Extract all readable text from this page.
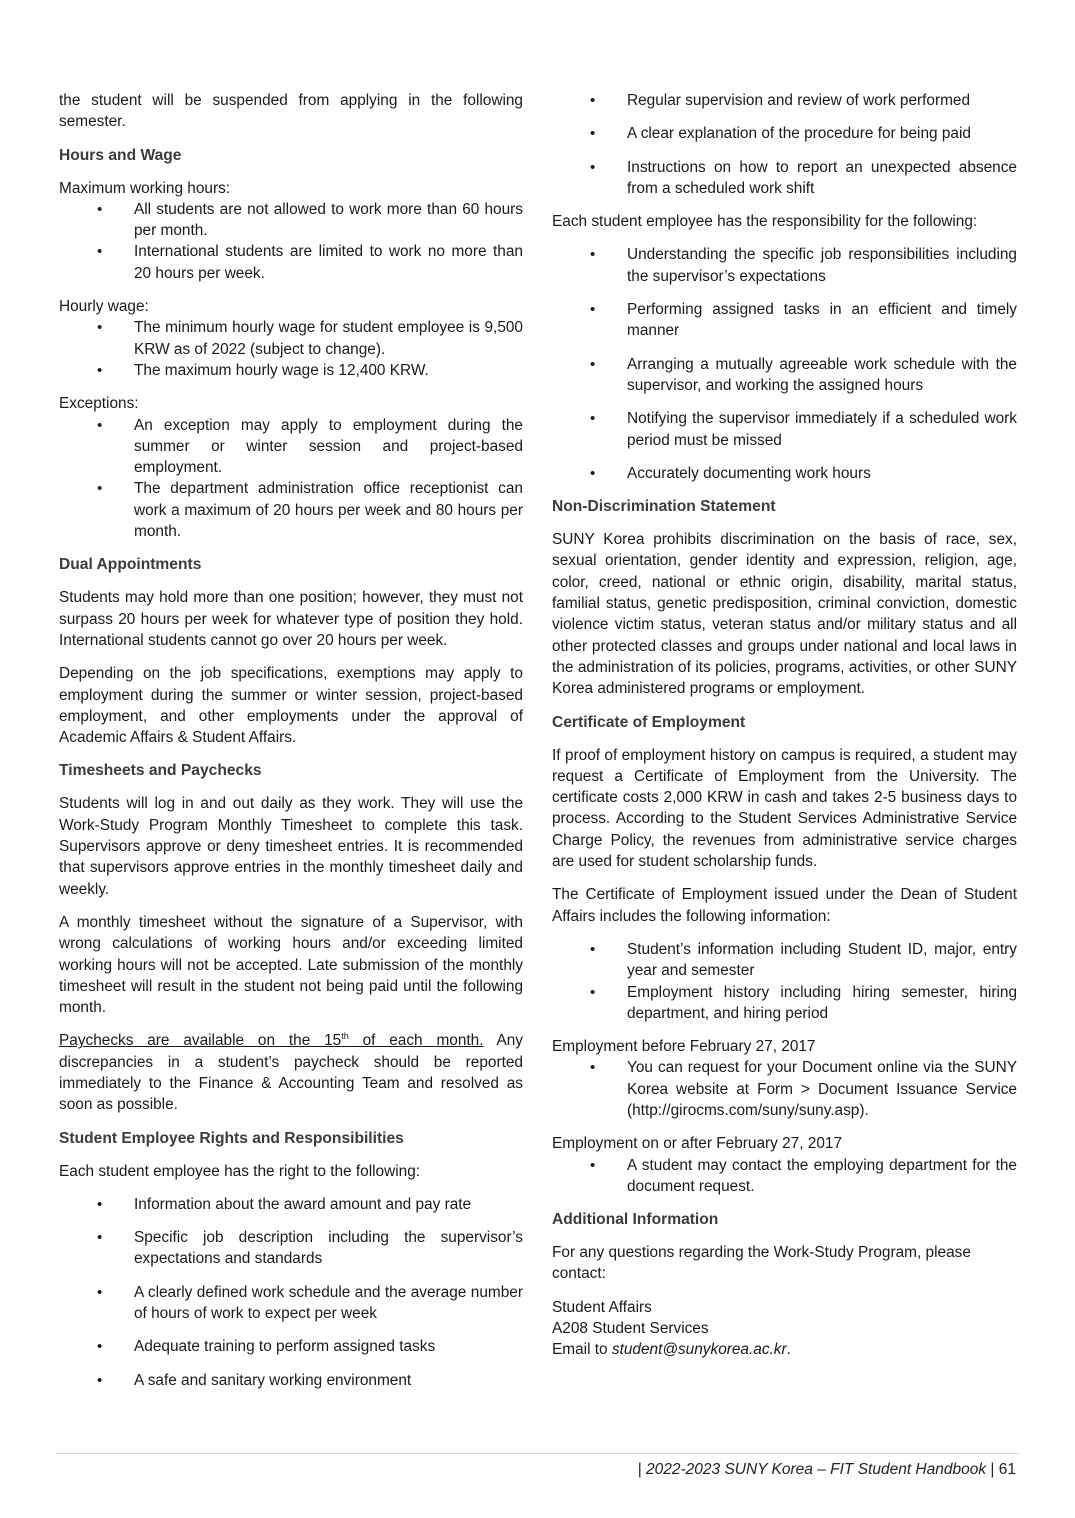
the student will be suspended from applying in the following semester.

Hours and Wage

Maximum working hours:

• All students are not allowed to work more than 60 hours per month.
• International students are limited to work no more than 20 hours per week.

Hourly wage:

• The minimum hourly wage for student employee is 9,500 KRW as of 2022 (subject to change).
• The maximum hourly wage is 12,400 KRW.

Exceptions:

• An exception may apply to employment during the summer or winter session and project-based employment.
• The department administration office receptionist can work a maximum of 20 hours per week and 80 hours per month.
Dual Appointments

Students may hold more than one position; however, they must not surpass 20 hours per week for whatever type of position they hold. International students cannot go over 20 hours per week.

Depending on the job specifications, exemptions may apply to employment during the summer or winter session, project-based employment, and other employments under the approval of Academic Affairs & Student Affairs.

Timesheets and Paychecks

Students will log in and out daily as they work. They will use the Work-Study Program Monthly Timesheet to complete this task. Supervisors approve or deny timesheet entries. It is recommended that supervisors approve entries in the monthly timesheet daily and weekly.

A monthly timesheet without the signature of a Supervisor, with wrong calculations of working hours and/or exceeding limited working hours will not be accepted. Late submission of the monthly timesheet will result in the student not being paid until the following month.

Paychecks are available on the 15th of each month. Any discrepancies in a student’s paycheck should be reported immediately to the Finance & Accounting Team and resolved as soon as possible.

Student Employee Rights and Responsibilities

Each student employee has the right to the following:

• Information about the award amount and pay rate
• Specific job description including the supervisor’s expectations and standards
• A clearly defined work schedule and the average number of hours of work to expect per week
• Adequate training to perform assigned tasks
• A safe and sanitary working environment
• Regular supervision and review of work performed
• A clear explanation of the procedure for being paid
• Instructions on how to report an unexpected absence from a scheduled work shift

Each student employee has the responsibility for the following:

• Understanding the specific job responsibilities including the supervisor’s expectations
• Performing assigned tasks in an efficient and timely manner
• Arranging a mutually agreeable work schedule with the supervisor, and working the assigned hours
• Notifying the supervisor immediately if a scheduled work period must be missed
• Accurately documenting work hours
Non-Discrimination Statement

SUNY Korea prohibits discrimination on the basis of race, sex, sexual orientation, gender identity and expression, religion, age, color, creed, national or ethnic origin, disability, marital status, familial status, genetic predisposition, criminal conviction, domestic violence victim status, veteran status and/or military status and all other protected classes and groups under national and local laws in the administration of its policies, programs, activities, or other SUNY Korea administered programs or employment.

Certificate of Employment

If proof of employment history on campus is required, a student may request a Certificate of Employment from the University. The certificate costs 2,000 KRW in cash and takes 2-5 business days to process. According to the Student Services Administrative Service Charge Policy, the revenues from administrative service charges are used for student scholarship funds.

The Certificate of Employment issued under the Dean of Student Affairs includes the following information:

• Student’s information including Student ID, major, entry year and semester
• Employment history including hiring semester, hiring department, and hiring period

Employment before February 27, 2017

• You can request for your Document online via the SUNY Korea website at Form > Document Issuance Service (http://girocms.com/suny/suny.asp).

Employment on or after February 27, 2017

• A student may contact the employing department for the document request.
Additional Information

For any questions regarding the Work-Study Program, please contact:

Student Affairs
A208 Student Services
Email to student@sunykorea.ac.kr.

| 2022-2023 SUNY Korea – FIT Student Handbook | 61
